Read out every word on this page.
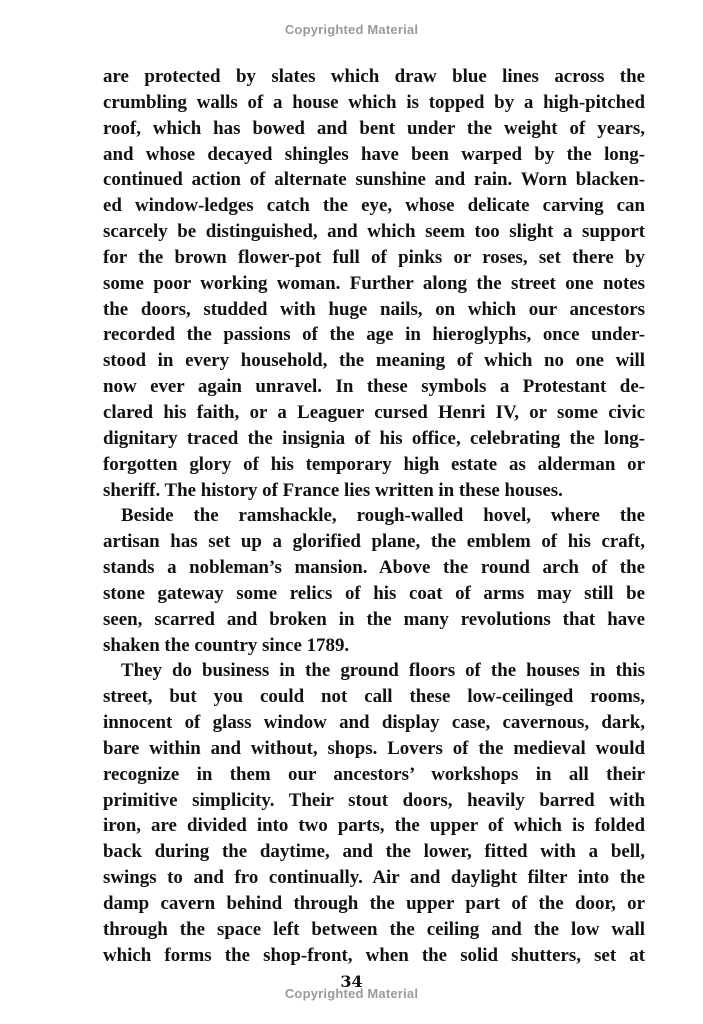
Copyrighted Material

are protected by slates which draw blue lines across the
crumbling walls of a house which is topped by a high-pitched
roof, which has bowed and bent under the weight of years,
and whose decayed shingles have been warped by the long-
continued action of alternate sunshine and rain. Worn blacken-
ed window-ledges catch the eye, whose delicate carving can
scarcely be distinguished, and which seem too slight a support
for the brown flower-pot full of pinks or roses, set there by
some poor working woman. Further along the street one notes
the doors, studded with huge nails, on which our ancestors
recorded the passions of the age in hieroglyphs, once under-
stood in every household, the meaning of which no one will
now ever again unravel. In these symbols a Protestant de-
clared his faith, or a Leaguer cursed Henri IV, or some civic
dignitary traced the insignia of his office, celebrating the long-
forgotten glory of his temporary high estate as alderman or
sheriff. The history of France lies written in these houses.

Beside the ramshackle, rough-walled hovel, where the
artisan has set up a glorified plane, the emblem of his craft,
stands a nobleman’s mansion. Above the round arch of the
stone gateway some relics of his coat of arms may still be
seen, scarred and broken in the many revolutions that have
shaken the country since 1789.

They do business in the ground floors of the houses in this
street, but you could not call these low-ceilinged rooms,
innocent of glass window and display case, cavernous, dark,
bare within and without, shops. Lovers of the medieval would
recognize in them our ancestors’ workshops in all their
primitive simplicity. Their stout doors, heavily barred with
iron, are divided into two parts, the upper of which is folded
back during the daytime, and the lower, fitted with a bell,
swings to and fro continually. Air and daylight filter into the
damp cavern behind through the upper part of the door, or
through the space left between the ceiling and the low wall
which forms the shop-front, when the solid shutters, set at

34
Copyrighted Material
